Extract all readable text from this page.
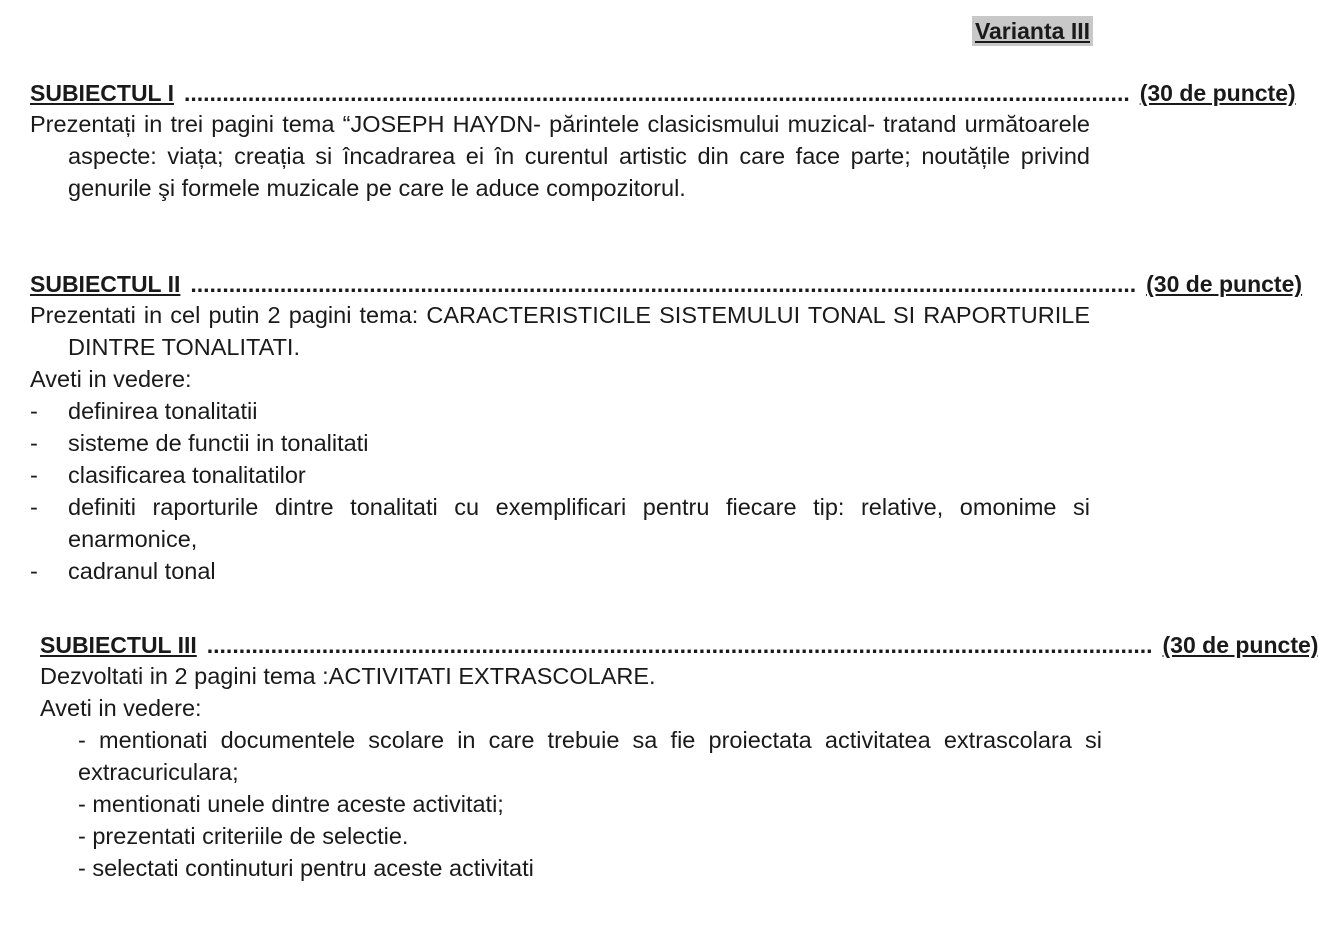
Varianta III
SUBIECTUL I .................................................................................................................................................... (30 de puncte)

Prezentați in trei pagini tema “JOSEPH HAYDN- părintele clasicismului muzical- tratand următoarele aspecte: viața; creația si încadrarea ei în curentul artistic din care face parte; noutățile privind genurile şi formele muzicale pe care le aduce compozitorul.

SUBIECTUL II .................................................................................................................................................... (30 de puncte)

Prezentati in cel putin 2 pagini tema: CARACTERISTICILE SISTEMULUI TONAL SI RAPORTURILE DINTRE TONALITATI.

Aveti in vedere:

-	definirea tonalitatii
-	sisteme de functii in tonalitati
-	clasificarea tonalitatilor
-	definiti raporturile dintre tonalitati cu exemplificari pentru fiecare tip: relative, omonime si enarmonice,
-	cadranul tonal
SUBIECTUL III .................................................................................................................................................... (30 de puncte)

Dezvoltati in 2 pagini tema :ACTIVITATI EXTRASCOLARE.

Aveti in vedere:

- mentionati documentele scolare in care trebuie sa fie proiectata activitatea extrascolara si extracuriculara;
- mentionati unele dintre aceste activitati;
- prezentati criteriile de selectie.
- selectati continuturi pentru aceste activitati
